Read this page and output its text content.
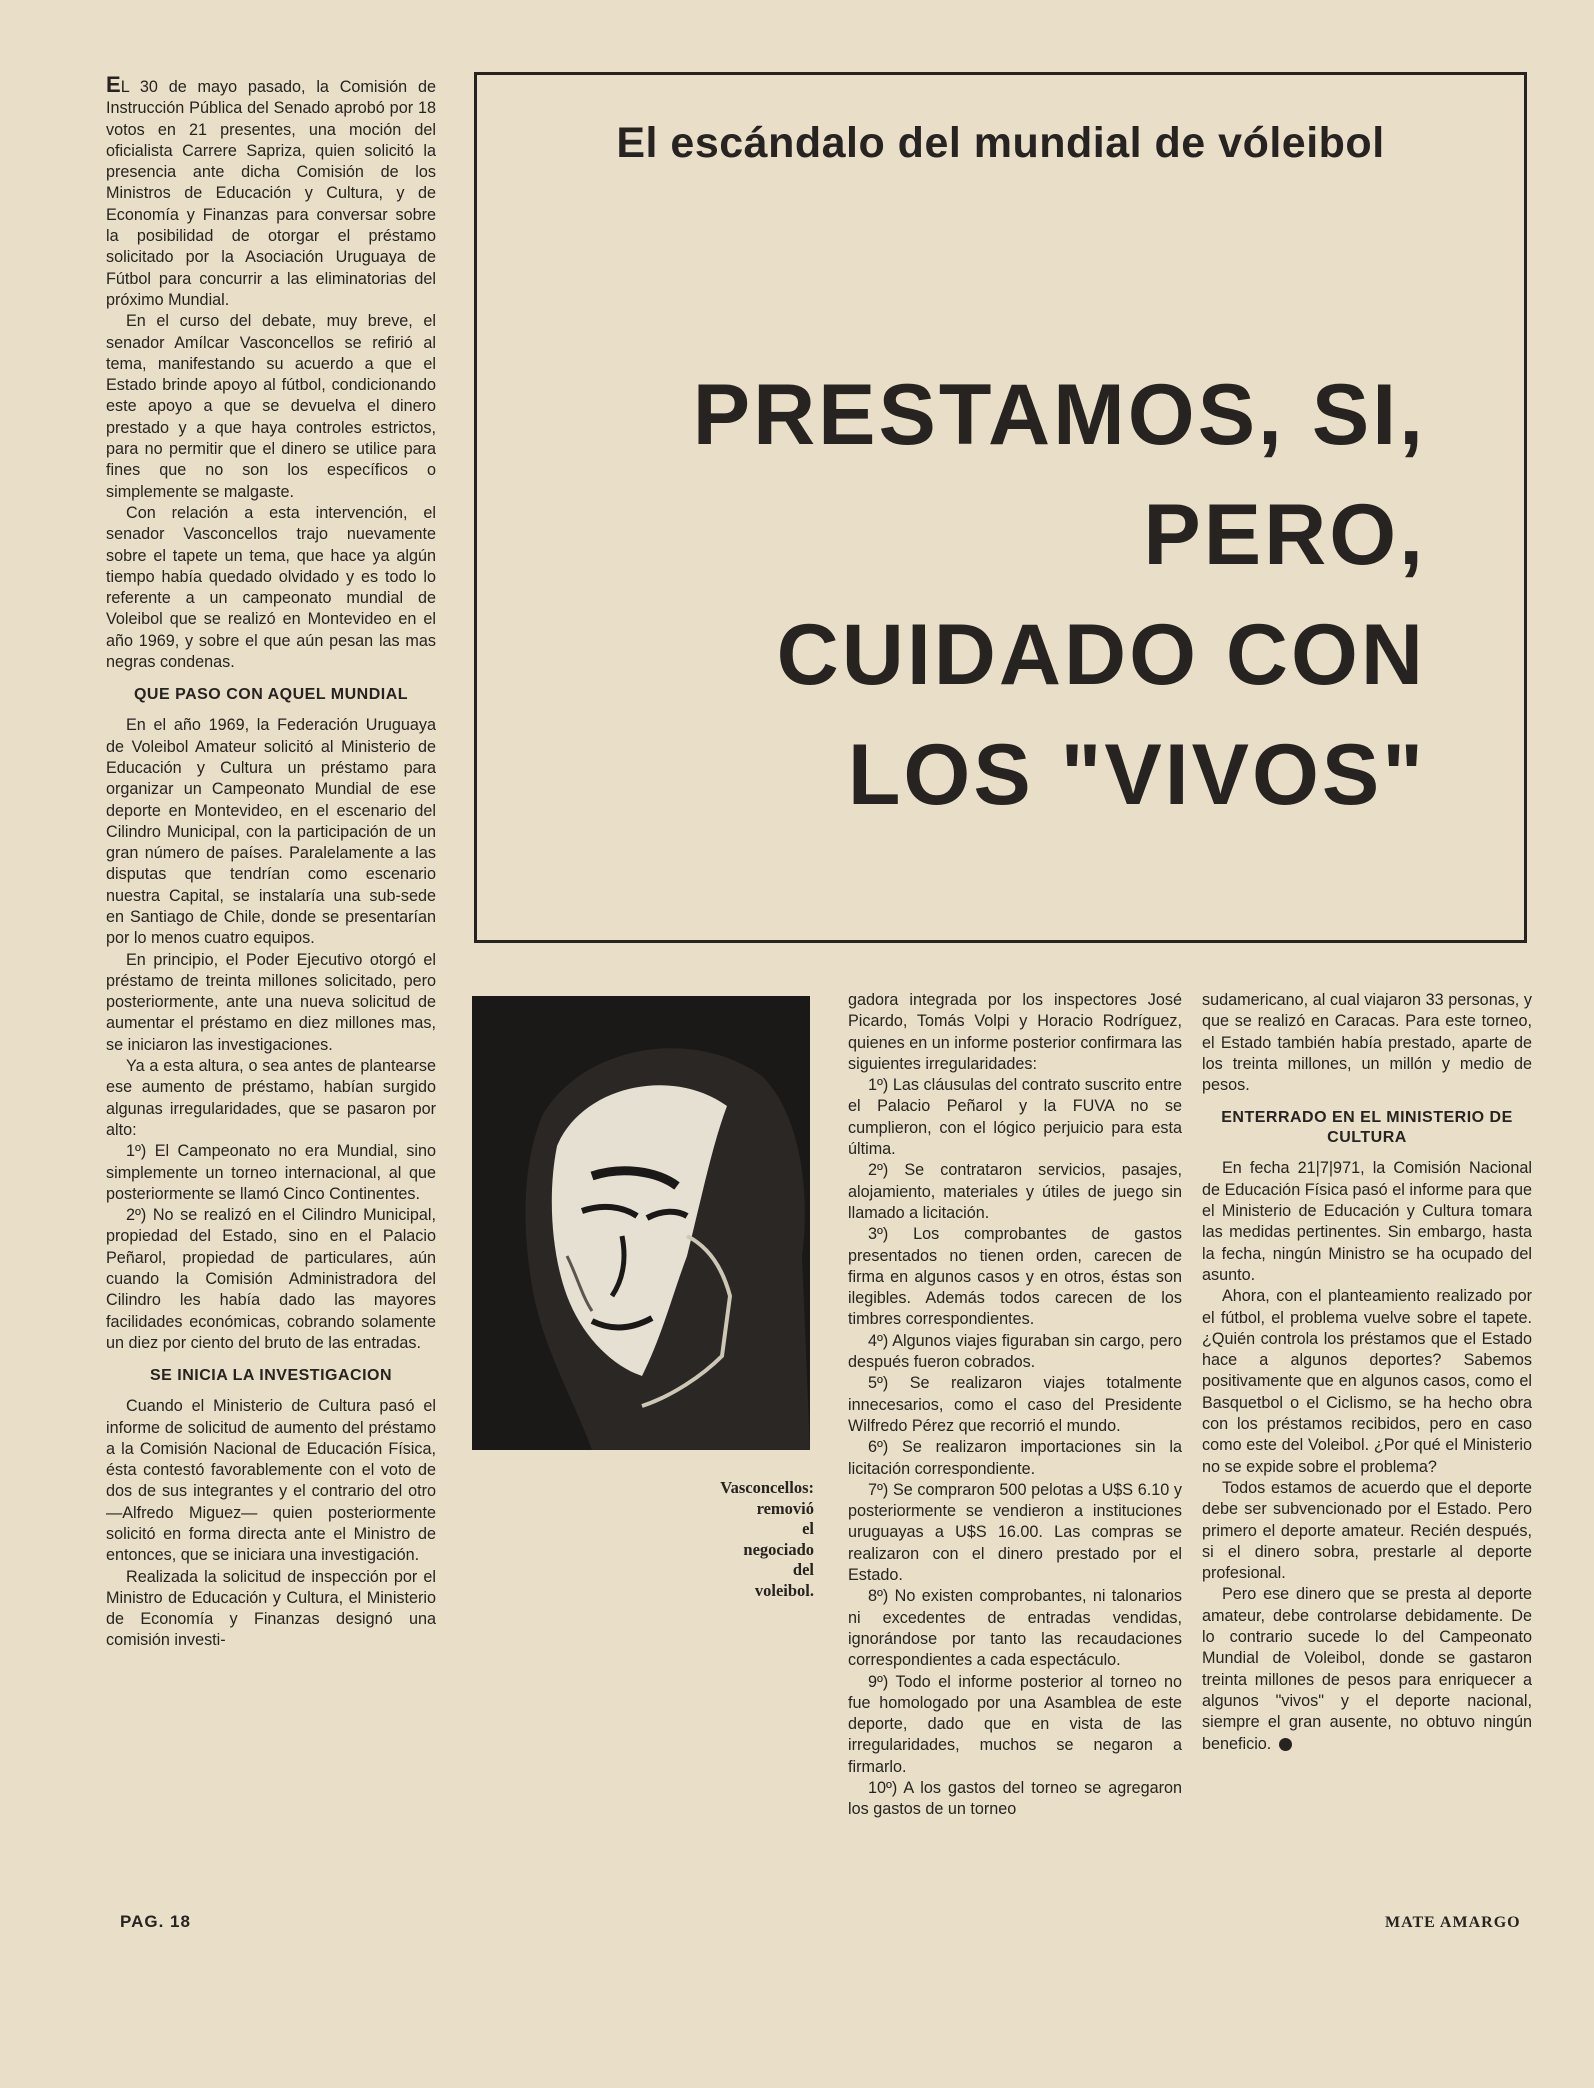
EL 30 de mayo pasado, la Comisión de Instrucción Pública del Senado aprobó por 18 votos en 21 presentes, una moción del oficialista Carrere Sapriza, quien solicitó la presencia ante dicha Comisión de los Ministros de Educación y Cultura, y de Economía y Finanzas para conversar sobre la posibilidad de otorgar el préstamo solicitado por la Asociación Uruguaya de Fútbol para concurrir a las eliminatorias del próximo Mundial.

En el curso del debate, muy breve, el senador Amílcar Vasconcellos se refirió al tema, manifestando su acuerdo a que el Estado brinde apoyo al fútbol, condicionando este apoyo a que se devuelva el dinero prestado y a que haya controles estrictos, para no permitir que el dinero se utilice para fines que no son los específicos o simplemente se malgaste.

Con relación a esta intervención, el senador Vasconcellos trajo nuevamente sobre el tapete un tema, que hace ya algún tiempo había quedado olvidado y es todo lo referente a un campeonato mundial de Voleibol que se realizó en Montevideo en el año 1969, y sobre el que aún pesan las mas negras condenas.

QUE PASO CON AQUEL MUNDIAL

En el año 1969, la Federación Uruguaya de Voleibol Amateur solicitó al Ministerio de Educación y Cultura un préstamo para organizar un Campeonato Mundial de ese deporte en Montevideo, en el escenario del Cilindro Municipal, con la participación de un gran número de países. Paralelamente a las disputas que tendrían como escenario nuestra Capital, se instalaría una sub-sede en Santiago de Chile, donde se presentarían por lo menos cuatro equipos.

En principio, el Poder Ejecutivo otorgó el préstamo de treinta millones solicitado, pero posteriormente, ante una nueva solicitud de aumentar el préstamo en diez millones mas, se iniciaron las investigaciones.

Ya a esta altura, o sea antes de plantearse ese aumento de préstamo, habían surgido algunas irregularidades, que se pasaron por alto:

1º) El Campeonato no era Mundial, sino simplemente un torneo internacional, al que posteriormente se llamó Cinco Continentes.

2º) No se realizó en el Cilindro Municipal, propiedad del Estado, sino en el Palacio Peñarol, propiedad de particulares, aún cuando la Comisión Administradora del Cilindro les había dado las mayores facilidades económicas, cobrando solamente un diez por ciento del bruto de las entradas.

SE INICIA LA INVESTIGACION

Cuando el Ministerio de Cultura pasó el informe de solicitud de aumento del préstamo a la Comisión Nacional de Educación Física, ésta contestó favorablemente con el voto de dos de sus integrantes y el contrario del otro —Alfredo Miguez— quien posteriormente solicitó en forma directa ante el Ministro de entonces, que se iniciara una investigación.

Realizada la solicitud de inspección por el Ministro de Educación y Cultura, el Ministerio de Economía y Finanzas designó una comisión investi-

El escándalo del mundial de vóleibol
PRESTAMOS, SI,
PERO,
CUIDADO CON
LOS "VIVOS"
Vasconcellos:
removió
el
negociado
del
voleibol.

gadora integrada por los inspectores José Picardo, Tomás Volpi y Horacio Rodríguez, quienes en un informe posterior confirmara las siguientes irregularidades:

1º) Las cláusulas del contrato suscrito entre el Palacio Peñarol y la FUVA no se cumplieron, con el lógico perjuicio para esta última.

2º) Se contrataron servicios, pasajes, alojamiento, materiales y útiles de juego sin llamado a licitación.

3º) Los comprobantes de gastos presentados no tienen orden, carecen de firma en algunos casos y en otros, éstas son ilegibles. Además todos carecen de los timbres correspondientes.

4º) Algunos viajes figuraban sin cargo, pero después fueron cobrados.

5º) Se realizaron viajes totalmente innecesarios, como el caso del Presidente Wilfredo Pérez que recorrió el mundo.

6º) Se realizaron importaciones sin la licitación correspondiente.

7º) Se compraron 500 pelotas a U$S 6.10 y posteriormente se vendieron a instituciones uruguayas a U$S 16.00. Las compras se realizaron con el dinero prestado por el Estado.

8º) No existen comprobantes, ni talonarios ni excedentes de entradas vendidas, ignorándose por tanto las recaudaciones correspondientes a cada espectáculo.

9º) Todo el informe posterior al torneo no fue homologado por una Asamblea de este deporte, dado que en vista de las irregularidades, muchos se negaron a firmarlo.

10º) A los gastos del torneo se agregaron los gastos de un torneo

sudamericano, al cual viajaron 33 personas, y que se realizó en Caracas. Para este torneo, el Estado también había prestado, aparte de los treinta millones, un millón y medio de pesos.

ENTERRADO EN EL MINISTERIO DE CULTURA

En fecha 21|7|971, la Comisión Nacional de Educación Física pasó el informe para que el Ministerio de Educación y Cultura tomara las medidas pertinentes. Sin embargo, hasta la fecha, ningún Ministro se ha ocupado del asunto.

Ahora, con el planteamiento realizado por el fútbol, el problema vuelve sobre el tapete. ¿Quién controla los préstamos que el Estado hace a algunos deportes? Sabemos positivamente que en algunos casos, como el Basquetbol o el Ciclismo, se ha hecho obra con los préstamos recibidos, pero en caso como este del Voleibol. ¿Por qué el Ministerio no se expide sobre el problema?

Todos estamos de acuerdo que el deporte debe ser subvencionado por el Estado. Pero primero el deporte amateur. Recién después, si el dinero sobra, prestarle al deporte profesional.

Pero ese dinero que se presta al deporte amateur, debe controlarse debidamente. De lo contrario sucede lo del Campeonato Mundial de Voleibol, donde se gastaron treinta millones de pesos para enriquecer a algunos "vivos" y el deporte nacional, siempre el gran ausente, no obtuvo ningún beneficio.

PAG. 18	MATE AMARGO
